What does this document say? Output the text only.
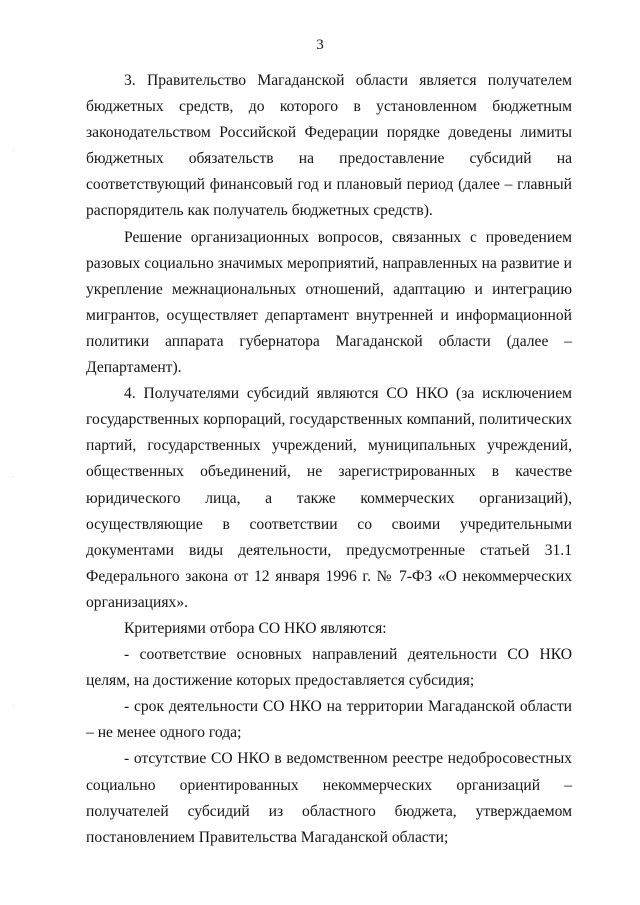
3

3. Правительство Магаданской области является получателем бюджетных средств, до которого в установленном бюджетным законодательством Российской Федерации порядке доведены лимиты бюджетных обязательств на предоставление субсидий на соответствующий финансовый год и плановый период (далее – главный распорядитель как получатель бюджетных средств).

Решение организационных вопросов, связанных с проведением разовых социально значимых мероприятий, направленных на развитие и укрепление межнациональных отношений, адаптацию и интеграцию мигрантов, осуществляет департамент внутренней и информационной политики аппарата губернатора Магаданской области (далее – Департамент).

4. Получателями субсидий являются СО НКО (за исключением государственных корпораций, государственных компаний, политических партий, государственных учреждений, муниципальных учреждений, общественных объединений, не зарегистрированных в качестве юридического лица, а также коммерческих организаций), осуществляющие в соответствии со своими учредительными документами виды деятельности, предусмотренные статьей 31.1 Федерального закона от 12 января 1996 г. № 7-ФЗ «О некоммерческих организациях».

Критериями отбора СО НКО являются:

- соответствие основных направлений деятельности СО НКО целям, на достижение которых предоставляется субсидия;

- срок деятельности СО НКО на территории Магаданской области – не менее одного года;

- отсутствие СО НКО в ведомственном реестре недобросовестных социально ориентированных некоммерческих организаций – получателей субсидий из областного бюджета, утверждаемом постановлением Правительства Магаданской области;
